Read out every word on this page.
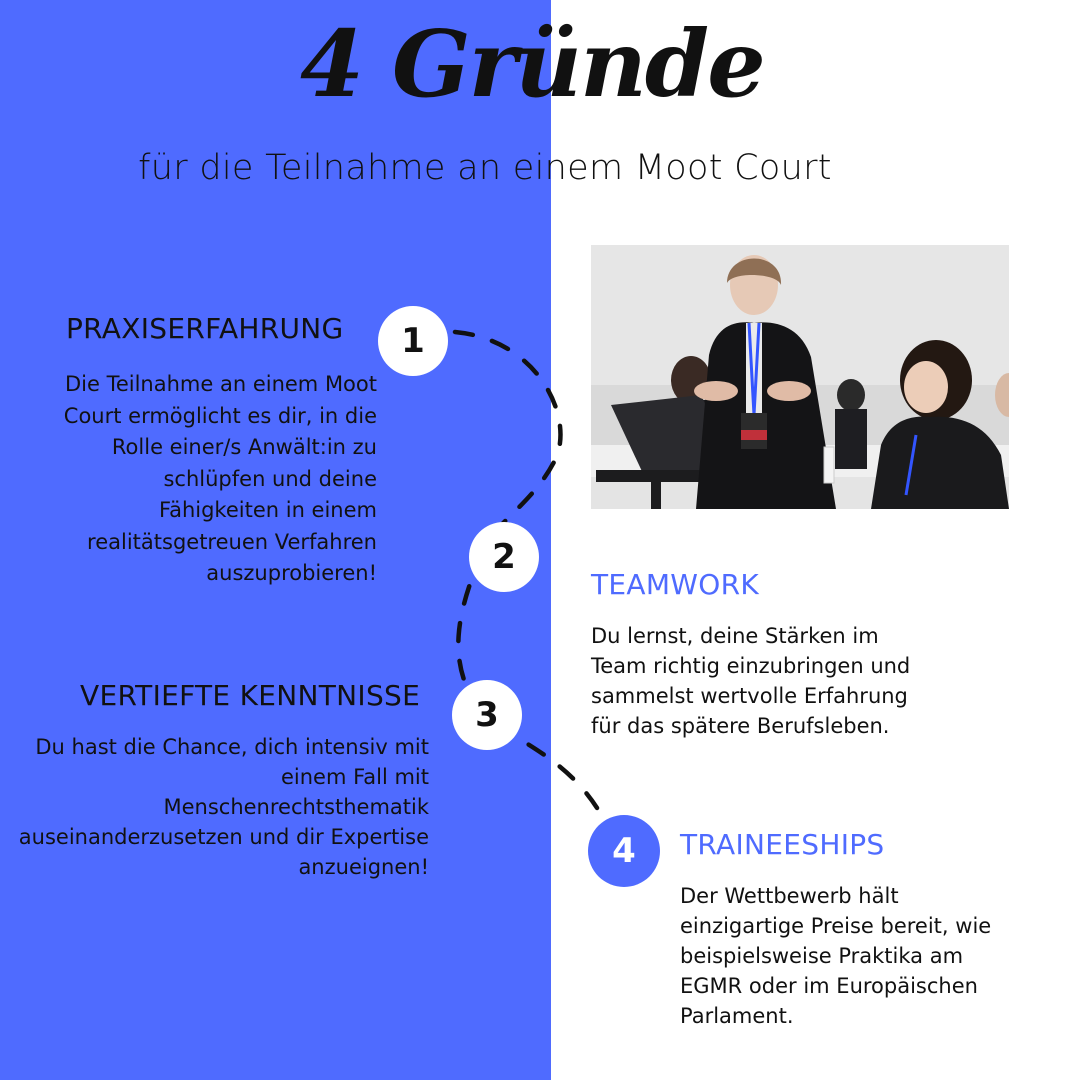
4 Gründe
für die Teilnahme an einem Moot Court
PRAXISERFAHRUNG	1
Die Teilnahme an einem Moot
Court ermöglicht es dir, in die
Rolle einer/s Anwält:in zu
schlüpfen und deine
Fähigkeiten in einem
realitätsgetreuen Verfahren
auszuprobieren!	2
TEAMWORK
Du lernst, deine Stärken im
Team richtig einzubringen und
sammelst wertvolle Erfahrung
für das spätere Berufsleben.
VERTIEFTE KENNTNISSE	3
Du hast die Chance, dich intensiv mit
einem Fall mit
Menschenrechtsthematik
auseinanderzusetzen und dir Expertise
anzueignen!	4	TRAINEESHIPS
Der Wettbewerb hält
einzigartige Preise bereit, wie
beispielsweise Praktika am
EGMR oder im Europäischen
Parlament.
